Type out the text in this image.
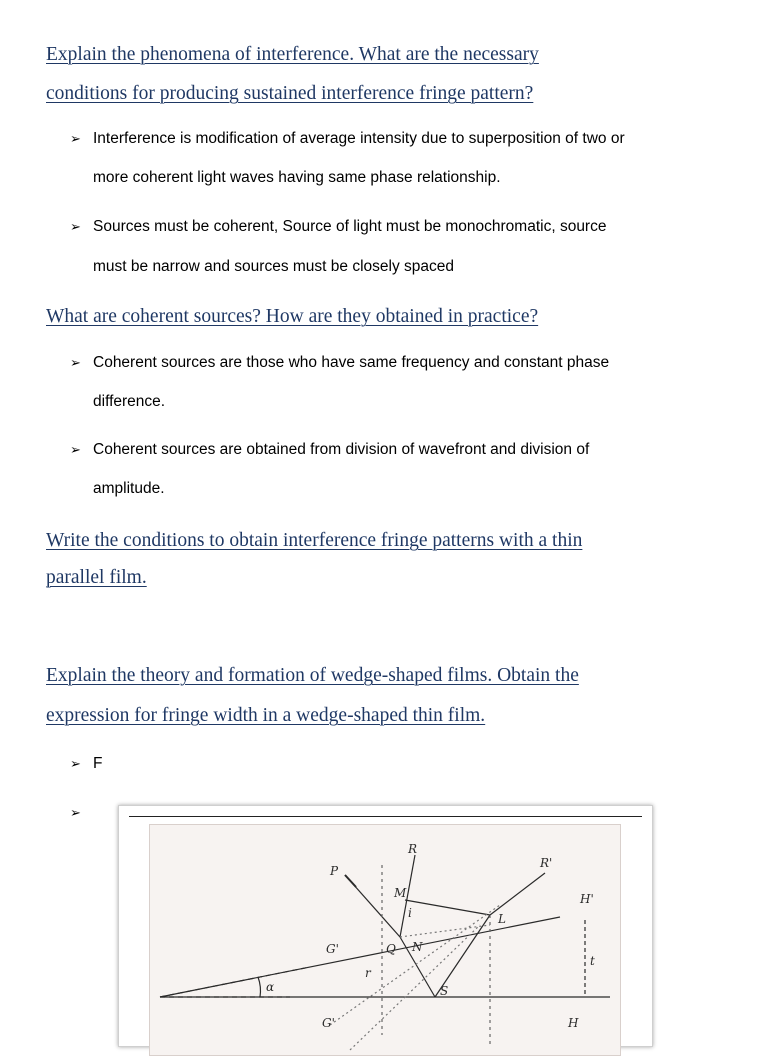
Explain the phenomena of interference. What are the necessary

conditions for producing sustained interference fringe pattern?

➢ Interference is modification of average intensity due to superposition of two or
more coherent light waves having same phase relationship.
➢ Sources must be coherent, Source of light must be monochromatic, source
must be narrow and sources must be closely spaced

What are coherent sources? How are they obtained in practice?

➢ Coherent sources are those who have same frequency and constant phase
difference.
➢ Coherent sources are obtained from division of wavefront and division of
amplitude.

Write the conditions to obtain interference fringe patterns with a thin

parallel film.

Explain the theory and formation of wedge-shaped films. Obtain the

expression for fringe width in a wedge-shaped thin film.

➢ F
➢
P
R
R'
M	H'
G'
G'
L
Q N
S
H
t
α
r
i
